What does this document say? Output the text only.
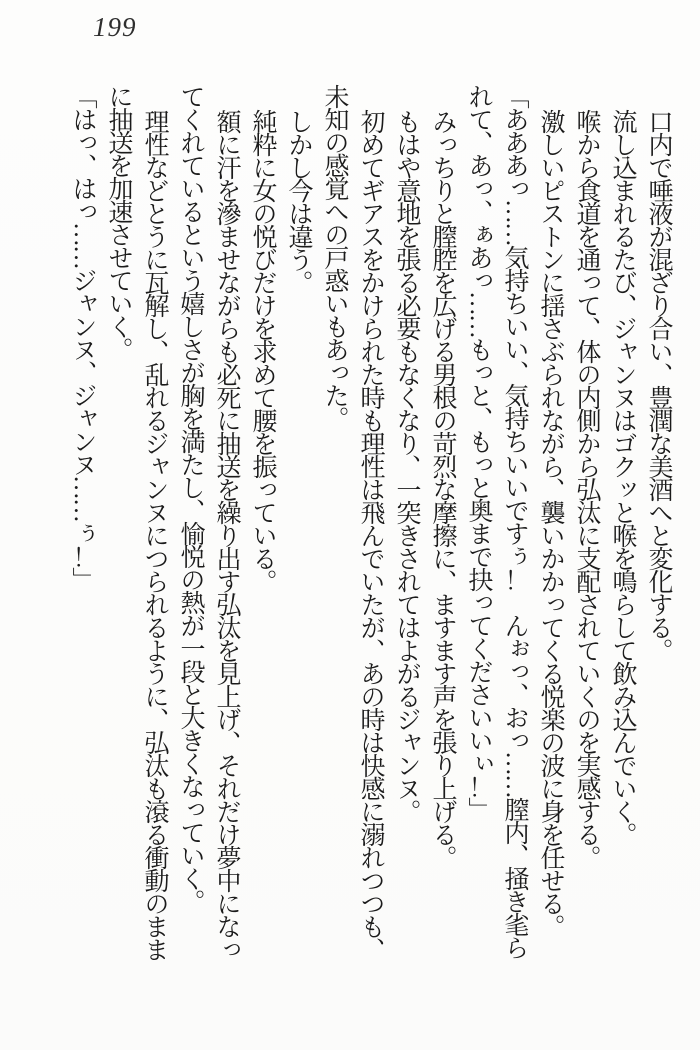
199

口内で唾液が混ざり合い、豊潤な美酒へと変化する。

流し込まれるたび、ジャンヌはゴクッと喉を鳴らして飲み込んでいく。

喉から食道を通って、体の内側から弘汰に支配されていくのを実感する。

激しいピストンに揺さぶられながら、襲いかかってくる悦楽の波に身を任せる。

「あああっ……気持ちいい、気持ちいいですぅ！　んぉっ、おっ……膣内、掻き毟られて、あっ、ぁあっ……もっと、もっと奥まで抉ってくださいいぃ！」

みっちりと膣腔を広げる男根の苛烈な摩擦に、ますます声を張り上げる。

もはや意地を張る必要もなくなり、一突きされてはよがるジャンヌ。

初めてギアスをかけられた時も理性は飛んでいたが、あの時は快感に溺れつつも、未知の感覚への戸惑いもあった。

しかし今は違う。

純粋に女の悦びだけを求めて腰を振っている。

額に汗を滲ませながらも必死に抽送を繰り出す弘汰を見上げ、それだけ夢中になってくれているという嬉しさが胸を満たし、愉悦の熱が一段と大きくなっていく。

理性などとうに瓦解し、乱れるジャンヌにつられるように、弘汰も滾る衝動のままに抽送を加速させていく。

「はっ、はっ……ジャンヌ、ジャンヌ……ぅ！」
